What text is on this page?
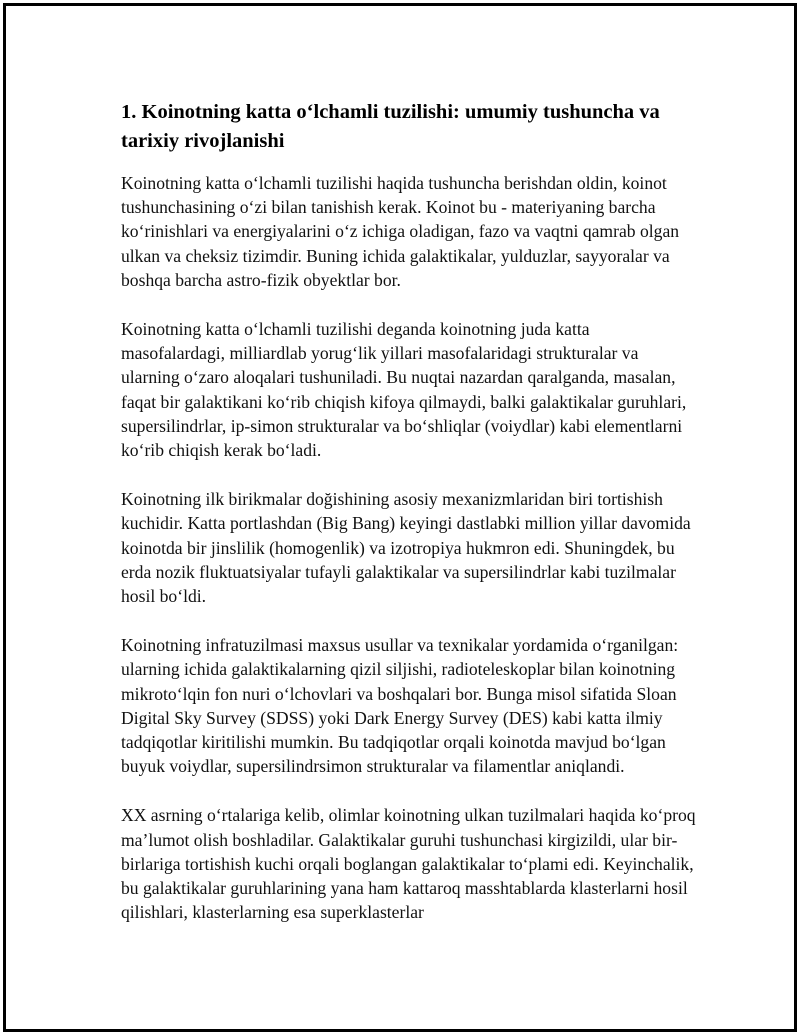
1. Koinotning katta oʻlchamli tuzilishi: umumiy tushuncha va tarixiy rivojlanishi

Koinotning katta oʻlchamli tuzilishi haqida tushuncha berishdan oldin, koinot tushunchasining oʻzi bilan tanishish kerak. Koinot bu - materiyaning barcha koʻrinishlari va energiyalarini oʻz ichiga oladigan, fazo va vaqtni qamrab olgan ulkan va cheksiz tizimdir. Buning ichida galaktikalar, yulduzlar, sayyoralar va boshqa barcha astro-fizik obyektlar bor.

Koinotning katta oʻlchamli tuzilishi deganda koinotning juda katta masofalardagi, milliardlab yorugʻlik yillari masofalaridagi strukturalar va ularning oʻzaro aloqalari tushuniladi. Bu nuqtai nazardan qaralganda, masalan, faqat bir galaktikani koʻrib chiqish kifoya qilmaydi, balki galaktikalar guruhlari, supersilindrlar, ip-simon strukturalar va boʻshliqlar (voiydlar) kabi elementlarni koʻrib chiqish kerak boʻladi.

Koinotning ilk birikmalar doğishining asosiy mexanizmlaridan biri tortishish kuchidir. Katta portlashdan (Big Bang) keyingi dastlabki million yillar davomida koinotda bir jinslilik (homogenlik) va izotropiya hukmron edi. Shuningdek, bu erda nozik fluktuatsiyalar tufayli galaktikalar va supersilindrlar kabi tuzilmalar hosil boʻldi.

Koinotning infratuzilmasi maxsus usullar va texnikalar yordamida oʻrganilgan: ularning ichida galaktikalarning qizil siljishi, radioteleskoplar bilan koinotning mikrotoʻlqin fon nuri oʻlchovlari va boshqalari bor. Bunga misol sifatida Sloan Digital Sky Survey (SDSS) yoki Dark Energy Survey (DES) kabi katta ilmiy tadqiqotlar kiritilishi mumkin. Bu tadqiqotlar orqali koinotda mavjud boʻlgan buyuk voiydlar, supersilindrsimon strukturalar va filamentlar aniqlandi.

XX asrning oʻrtalariga kelib, olimlar koinotning ulkan tuzilmalari haqida koʻproq maʼlumot olish boshladilar. Galaktikalar guruhi tushunchasi kirgizildi, ular bir-birlariga tortishish kuchi orqali boglangan galaktikalar toʻplami edi. Keyinchalik, bu galaktikalar guruhlarining yana ham kattaroq masshtablarda klasterlarni hosil qilishlari, klasterlarning esa superklasterlar
